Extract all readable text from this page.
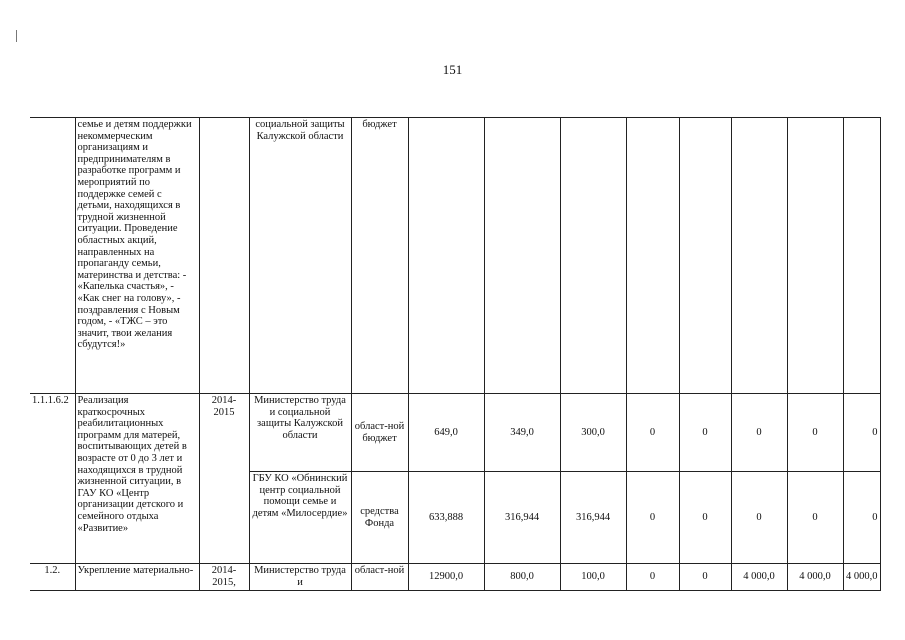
151
	семье и детям поддержки некоммерческим организациям и предпринимателям в разработке программ и мероприятий по поддержке семей с детьми, находящихся в трудной жизненной ситуации. Проведение областных акций, направленных на пропаганду семьи, материнства и детства: - «Капелька счастья», - «Как снег на голову», - поздравления с Новым годом, - «ТЖС – это значит, твои желания сбудутся!»		социальной защиты Калужской области	бюджет								
1.1.1.6.2	Реализация краткосрочных реабилитационных программ для матерей, воспитывающих детей в возрасте от 0 до 3 лет и находящихся в трудной жизненной ситуации, в ГАУ КО «Центр организации детского и семейного отдыха «Развитие»	2014-2015	Министерство труда и социальной защиты Калужской области	област-ной бюджет	649,0	349,0	300,0	0	0	0	0	0
			ГБУ КО «Обнинский центр социальной помощи семье и детям «Милосердие»	средства Фонда	633,888	316,944	316,944	0	0	0	0	0
1.2.	Укрепление материально-	2014-2015,	Министерство труда и	област-ной	12900,0	800,0	100,0	0	0	4 000,0	4 000,0	4 000,0
